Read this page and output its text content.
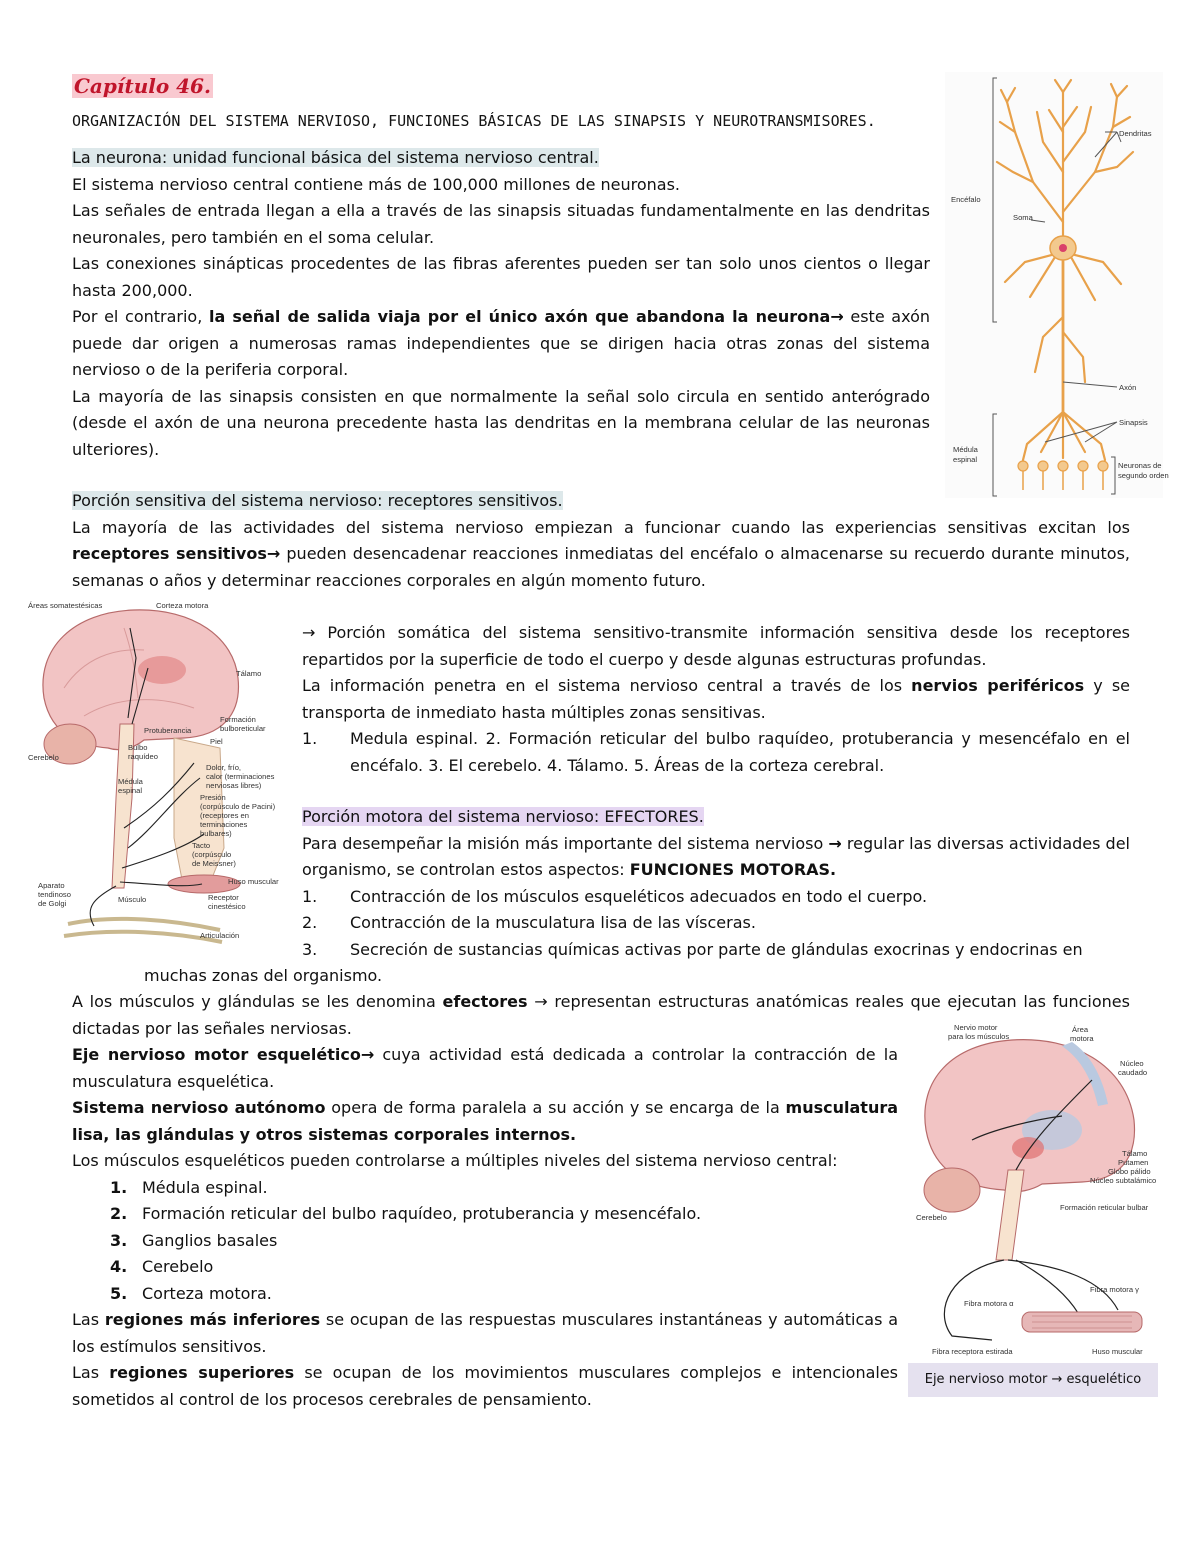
Capítulo 46.
ORGANIZACIÓN DEL SISTEMA NERVIOSO, FUNCIONES BÁSICAS DE LAS SINAPSIS Y NEUROTRANSMISORES.

La neurona: unidad funcional básica del sistema nervioso central.

El sistema nervioso central contiene más de 100,000 millones de neuronas.

Las señales de entrada llegan a ella a través de las sinapsis situadas fundamentalmente en las dendritas neuronales, pero también en el soma celular.

Las conexiones sinápticas procedentes de las fibras aferentes pueden ser tan solo unos cientos o llegar hasta 200,000.

Por el contrario, la señal de salida viaja por el único axón que abandona la neurona→ este axón puede dar origen a numerosas ramas independientes que se dirigen hacia otras zonas del sistema nervioso o de la periferia corporal.

La mayoría de las sinapsis consisten en que normalmente la señal solo circula en sentido anterógrado (desde el axón de una neurona precedente hasta las dendritas en la membrana celular de las neuronas ulteriores).

Dendritas
Encéfalo
Soma
Axón
Sinapsis
Médula
espinal
Neuronas de
segundo orden

Porción sensitiva del sistema nervioso: receptores sensitivos.

La mayoría de las actividades del sistema nervioso empiezan a funcionar cuando las experiencias sensitivas excitan los receptores sensitivos→ pueden desencadenar reacciones inmediatas del encéfalo o almacenarse su recuerdo durante minutos, semanas o años y determinar reacciones corporales en algún momento futuro.

Áreas somatestésicas	Corteza motora
Tálamo
Formación
bulboreticular
Protuberancia
Cerebelo
Bulbo
raquídeo
Piel
Médula
espinal
Dolor, frío,
calor (terminaciones
nerviosas libres)
Presión
(corpúsculo de Pacini)
(receptores en
terminaciones
bulbares)
Tacto
(corpúsculo
de Meissner)
Huso muscular
Aparato
tendinoso
de Golgi	Músculo	Receptor
cinestésico
Articulación

→ Porción somática del sistema sensitivo-transmite información sensitiva desde los receptores repartidos por la superficie de todo el cuerpo y desde algunas estructuras profundas.

La información penetra en el sistema nervioso central a través de los nervios periféricos y se transporta de inmediato hasta múltiples zonas sensitivas.

1.	Medula espinal. 2. Formación reticular del bulbo raquídeo, protuberancia y mesencéfalo en el encéfalo. 3. El cerebelo. 4. Tálamo. 5. Áreas de la corteza cerebral.

Porción motora del sistema nervioso: EFECTORES.

Para desempeñar la misión más importante del sistema nervioso → regular las diversas actividades del organismo, se controlan estos aspectos: FUNCIONES MOTORAS.

1.	Contracción de los músculos esqueléticos adecuados en todo el cuerpo.
2.	Contracción de la musculatura lisa de las vísceras.
3.	Secreción de sustancias químicas activas por parte de glándulas exocrinas y endocrinas en
muchas zonas del organismo.

A los músculos y glándulas se les denomina efectores → representan estructuras anatómicas reales que ejecutan las funciones dictadas por las señales nerviosas.

Eje nervioso motor esquelético→ cuya actividad está dedicada a controlar la contracción de la musculatura esquelética.

Sistema nervioso autónomo opera de forma paralela a su acción y se encarga de la musculatura lisa, las glándulas y otros sistemas corporales internos.

Los músculos esqueléticos pueden controlarse a múltiples niveles del sistema nervioso central:

1. Médula espinal.
2. Formación reticular del bulbo raquídeo, protuberancia y mesencéfalo.
3. Ganglios basales
4. Cerebelo
5. Corteza motora.

Las regiones más inferiores se ocupan de las respuestas musculares instantáneas y automáticas a los estímulos sensitivos.

Las regiones superiores se ocupan de los movimientos musculares complejos e intencionales sometidos al control de los procesos cerebrales de pensamiento.

Nervio motor
para los músculos
Área
motora
Núcleo
caudado
Tálamo
Putamen
Globo pálido
Núcleo subtalámico
Cerebelo
Formación reticular bulbar
Fibra motora γ
Fibra motora α
Fibra receptora estirada	Huso muscular
Eje nervioso motor → esquelético
